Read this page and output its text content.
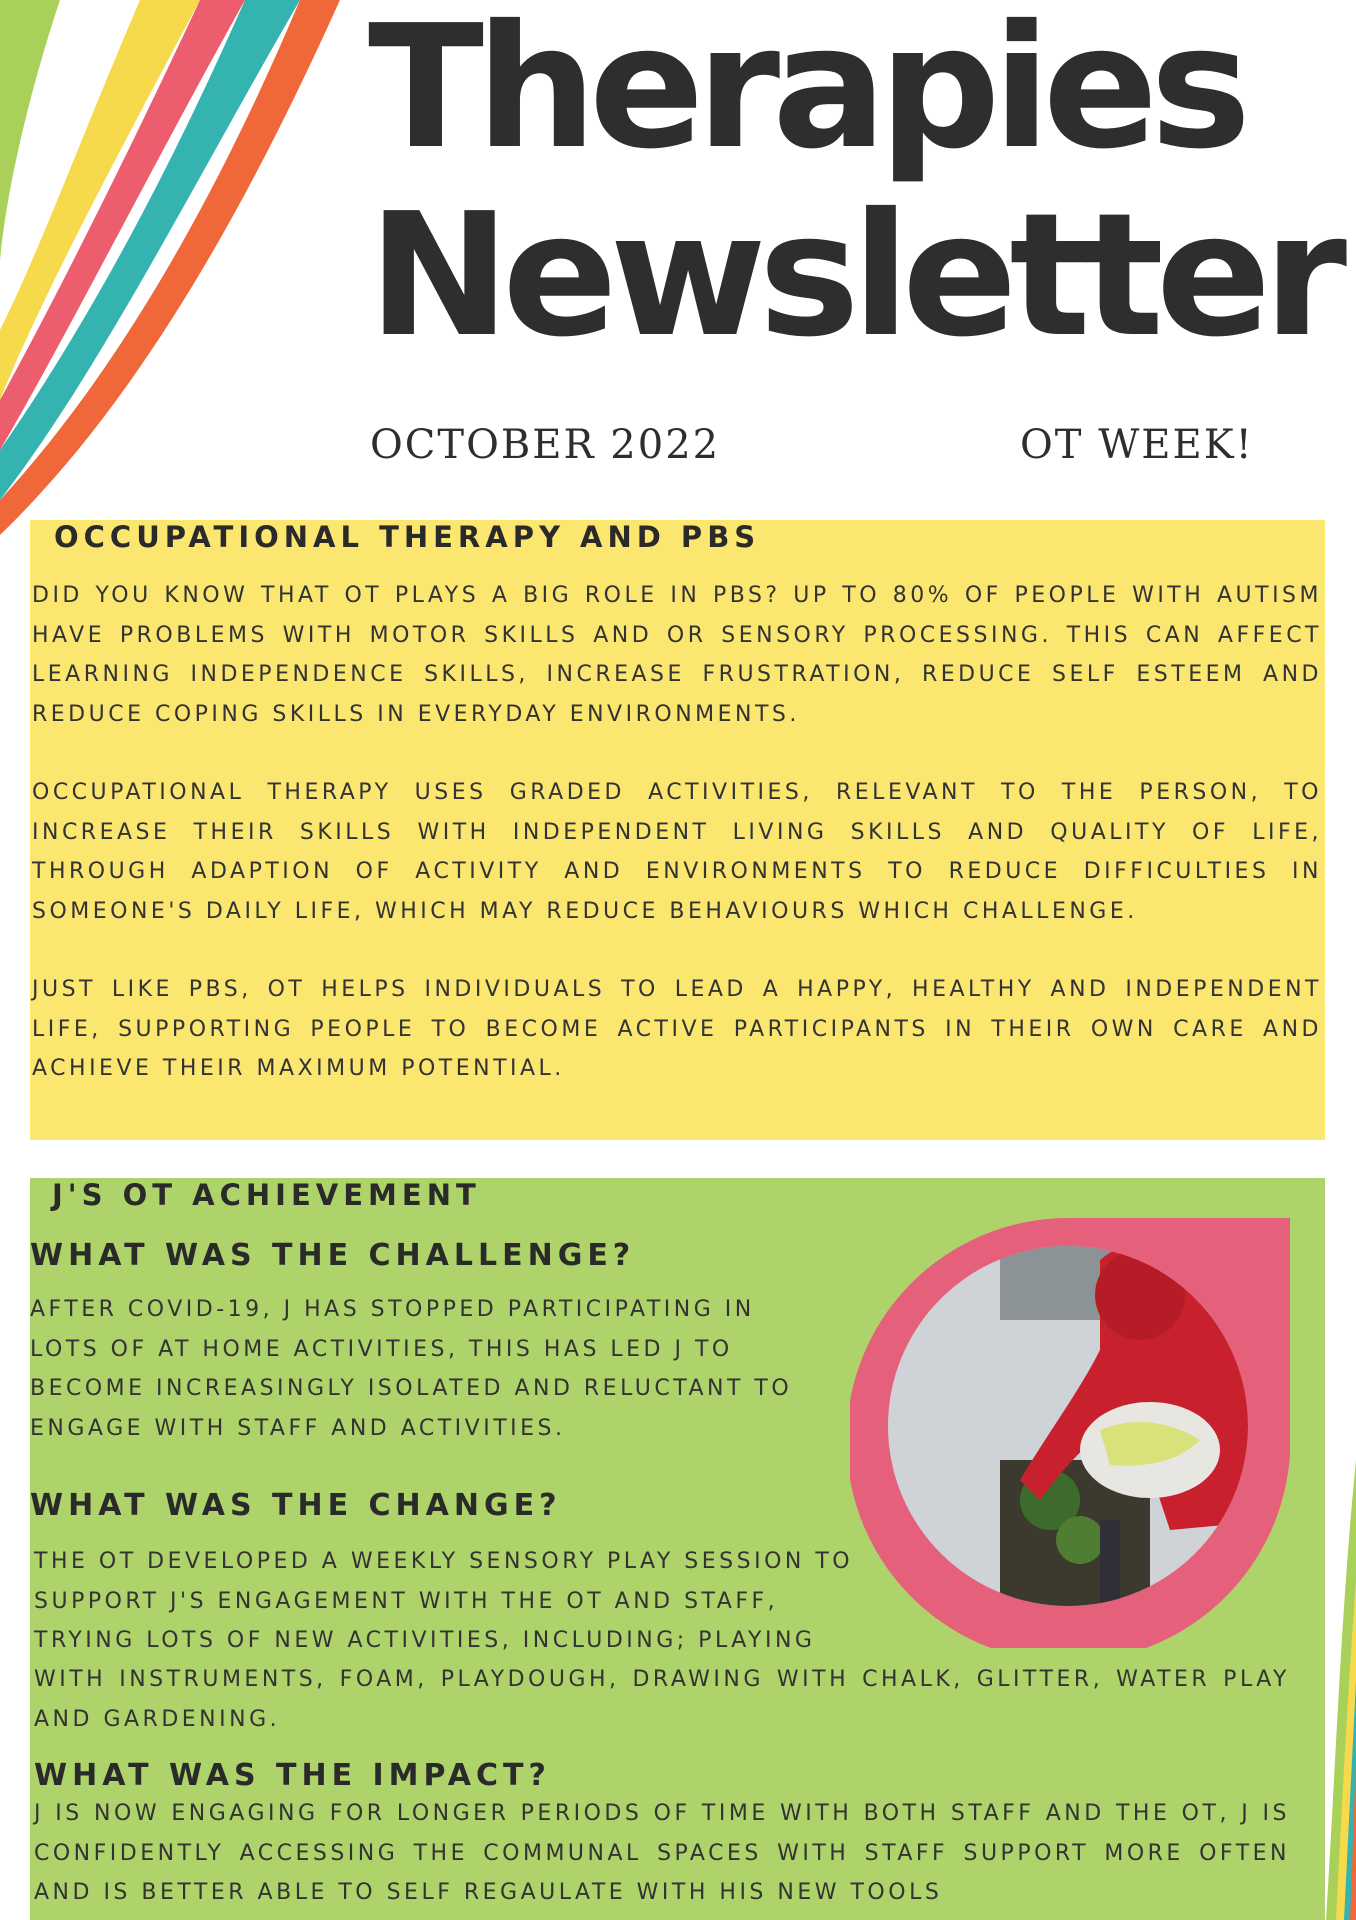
Therapies
Newsletter
OCTOBER 2022	OT WEEK!
OCCUPATIONAL THERAPY AND PBS

DID YOU KNOW THAT OT PLAYS A BIG ROLE IN PBS? UP TO 80% OF PEOPLE WITH AUTISM HAVE PROBLEMS WITH MOTOR SKILLS AND OR SENSORY PROCESSING. THIS CAN AFFECT LEARNING INDEPENDENCE SKILLS, INCREASE FRUSTRATION, REDUCE SELF ESTEEM AND REDUCE COPING SKILLS IN EVERYDAY ENVIRONMENTS.

OCCUPATIONAL THERAPY USES GRADED ACTIVITIES, RELEVANT TO THE PERSON, TO INCREASE THEIR SKILLS WITH INDEPENDENT LIVING SKILLS AND QUALITY OF LIFE, THROUGH ADAPTION OF ACTIVITY AND ENVIRONMENTS TO REDUCE DIFFICULTIES IN SOMEONE'S DAILY LIFE, WHICH MAY REDUCE BEHAVIOURS WHICH CHALLENGE.

JUST LIKE PBS, OT HELPS INDIVIDUALS TO LEAD A HAPPY, HEALTHY AND INDEPENDENT LIFE, SUPPORTING PEOPLE TO BECOME ACTIVE PARTICIPANTS IN THEIR OWN CARE AND ACHIEVE THEIR MAXIMUM POTENTIAL.

J'S OT ACHIEVEMENT
WHAT WAS THE CHALLENGE?

AFTER COVID-19, J HAS STOPPED PARTICIPATING IN LOTS OF AT HOME ACTIVITIES, THIS HAS LED J TO BECOME INCREASINGLY ISOLATED AND RELUCTANT TO ENGAGE WITH STAFF AND ACTIVITIES.

WHAT WAS THE CHANGE?

THE OT DEVELOPED A WEEKLY SENSORY PLAY SESSION TO SUPPORT J'S ENGAGEMENT WITH THE OT AND STAFF, TRYING LOTS OF NEW ACTIVITIES, INCLUDING; PLAYING

WITH INSTRUMENTS, FOAM, PLAYDOUGH, DRAWING WITH CHALK, GLITTER, WATER PLAY AND GARDENING.

WHAT WAS THE IMPACT?

J IS NOW ENGAGING FOR LONGER PERIODS OF TIME WITH BOTH STAFF AND THE OT, J IS CONFIDENTLY ACCESSING THE COMMUNAL SPACES WITH STAFF SUPPORT MORE OFTEN AND IS BETTER ABLE TO SELF REGAULATE WITH HIS NEW TOOLS
